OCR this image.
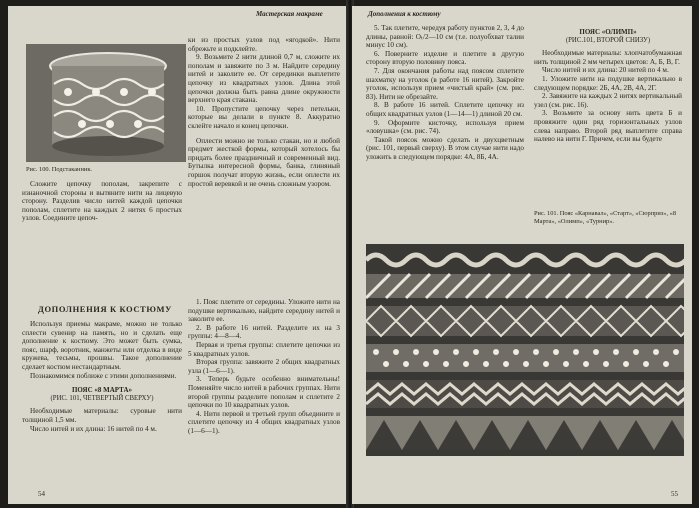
Мастерская макраме
Рис. 100. Подстаканник.

Сложите цепочку пополам, закрепите с изнаночной стороны и вытяните нити на лицевую сторону. Разделив число нитей каждой цепочки пополам, сплетите на каждых 2 нитях 6 простых узлов. Соедините цепоч-

ки из простых узлов под «ягодкой». Нити обрежьте и подклейте.

9. Возьмите 2 нити длиной 0,7 м, сложите их пополам и завяжите по 3 м. Найдите середину нитей и заколите ее. От серединки выплетите цепочку из квадратных узлов. Длина этой цепочки должна быть равна длине окружности верхнего края стакана.

10. Пропустите цепочку через петельки, которые вы делали в пункте 8. Аккуратно склейте начало и конец цепочки.

Оплести можно не только стакан, но и любой предмет жесткой формы, который хотелось бы придать более праздничный и современный вид. Бутылка интересной формы, банка, глиняный горшок получат вторую жизнь, если оплести их простой веревкой и не очень сложным узором.

ДОПОЛНЕНИЯ К КОСТЮМУ

Используя приемы макраме, можно не только сплести сувенир на память, но и сделать еще дополнение к костюму. Это может быть сумка, пояс, шарф, воротник, манжеты или отделка в виде кружева, тесьмы, прошвы. Такое дополнение сделает костюм нестандартным.

Познакомимся поближе с этими дополнениями.

ПОЯС «8 МАРТА»
(РИС. 101, ЧЕТВЕРТЫЙ СВЕРХУ)

Необходимые материалы: суровые нити толщиной 1,5 мм.

Число нитей и их длина: 16 нитей по 4 м.

1. Пояс плетите от середины. Уложите нити на подушке вертикально, найдите середину нитей и заколите ее.

2. В работе 16 нитей. Разделите их на 3 группы: 4—8—4.

Первая и третья группы: сплетите цепочки из 5 квадратных узлов.

Вторая группа: завяжите 2 общих квадратных узла (1—6—1).

3. Теперь будьте особенно внимательны! Поменяйте число нитей в рабочих группах. Нити второй группы разделите пополам и сплетите 2 цепочки по 10 квадратных узлов.

4. Нити первой и третьей групп объедините и сплетите цепочку из 4 общих квадратных узлов (1—6—1).

54
Дополнения к костюму

5. Так плетите, чередуя работу пунктов 2, 3, 4 до длины, равной: Оₜ/2—10 см (т.е. полуобхват талии минус 10 см).

6. Поверните изделие и плетите в другую сторону вторую половину пояса.

7. Для окончания работы над поясом сплетите шахматку на уголок (в работе 16 нитей). Закройте уголок, используя прием «чистый край» (см. рис. 83). Нити не обрезайте.

8. В работе 16 нитей. Сплетите цепочку из общих квадратных узлов (1—14—1) длиной 20 см.

9. Оформите кисточку, используя прием «ловушка» (см. рис. 74).

Такой поясок можно сделать и двухцветным (рис. 101, первый сверху). В этом случае нити надо уложить в следующем порядке: 4А, 8Б, 4А.

ПОЯС «ОЛИМП»
(РИС.101, ВТОРОЙ СНИЗУ)

Необходимые материалы: хлопчатобумажная нить толщиной 2 мм четырех цветов: А, Б, В, Г.

Число нитей и их длина: 20 нитей по 4 м.

1. Уложите нити на подушке вертикально в следующем порядке: 2Б, 4А, 2В, 4А, 2Г.

2. Завяжите на каждых 2 нитях вертикальный узел (см. рис. 16).

3. Возьмите за основу нить цвета Б и провяжите один ряд горизонтальных узлов слева направо. Второй ряд выплетите справа налево на нити Г. Причем, если вы будете

Рис. 101. Пояс «Карнавал», «Старт», «Сюрприз», «8 Марта», «Олимп», «Турнир».
55
